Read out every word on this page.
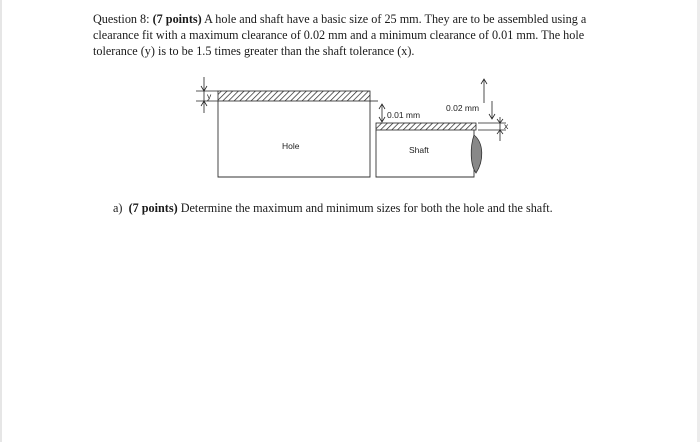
Question 8: (7 points) A hole and shaft have a basic size of 25 mm. They are to be assembled using a clearance fit with a maximum clearance of 0.02 mm and a minimum clearance of 0.01 mm. The hole tolerance (y) is to be 1.5 times greater than the shaft tolerance (x).

y
Hole	Shaft
0.01 mm
0.02 mm
x

a) (7 points) Determine the maximum and minimum sizes for both the hole and the shaft.
